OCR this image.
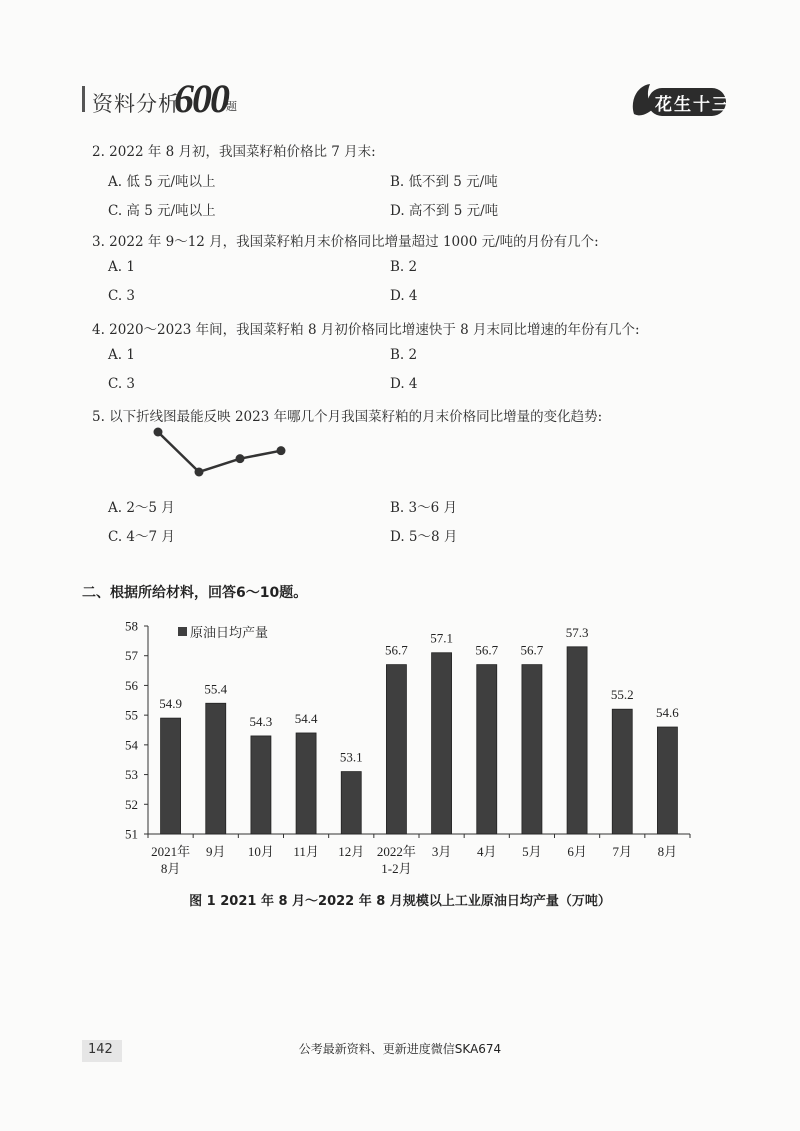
资料分析
600
题	花生十三
2. 2022 年 8 月初，我国菜籽粕价格比 7 月末:
A. 低 5 元/吨以上	B. 低不到 5 元/吨
C. 高 5 元/吨以上	D. 高不到 5 元/吨
3. 2022 年 9～12 月，我国菜籽粕月末价格同比增量超过 1000 元/吨的月份有几个:
A. 1	B. 2
C. 3	D. 4
4. 2020～2023 年间，我国菜籽粕 8 月初价格同比增速快于 8 月末同比增速的年份有几个:
A. 1	B. 2
C. 3	D. 4
5. 以下折线图最能反映 2023 年哪几个月我国菜籽粕的月末价格同比增量的变化趋势:
A. 2～5 月	B. 3～6 月
C. 4～7 月	D. 5～8 月
二、根据所给材料，回答6～10题。
51
52
53
54
55
56
57
58	原油日均产量
54.9
2021年
8月
55.4
9月
54.3
10月
54.4
11月
53.1
12月
56.7
2022年
1-2月
57.1
3月
56.7
4月
56.7
5月
57.3
6月
55.2
7月
54.6
8月
图 1 2021 年 8 月～2022 年 8 月规模以上工业原油日均产量（万吨）
142	公考最新资料、更新进度微信SKA674
